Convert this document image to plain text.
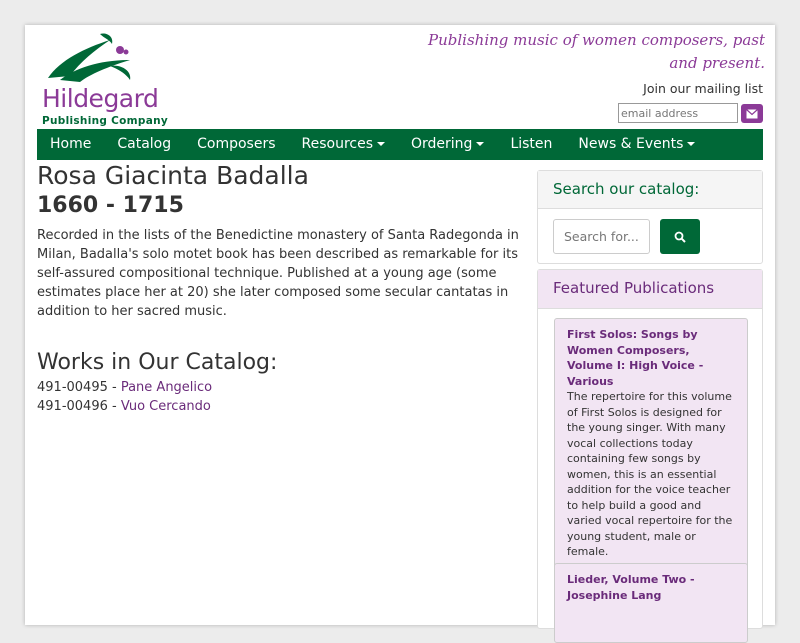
Hildegard
Publishing Company
Publishing music of women composers, past and present.
Join our mailing list
email address
Home	Catalog	Composers	Resources	Ordering	Listen	News & Events
Rosa Giacinta Badalla
1660 - 1715

Recorded in the lists of the Benedictine monastery of Santa Radegonda in Milan, Badalla's solo motet book has been described as remarkable for its self-assured compositional technique. Published at a young age (some estimates place her at 20) she later composed some secular cantatas in addition to her sacred music.

Works in Our Catalog:
491-00495 - Pane Angelico
491-00496 - Vuo Cercando
Search our catalog:
Search for...
Featured Publications
First Solos: Songs by Women Composers, Volume I: High Voice - Various
The repertoire for this volume of First Solos is designed for the young singer. With many vocal collections today containing few songs by women, this is an essential addition for the voice teacher to help build a good and varied vocal repertoire for the young student, male or female.
Lieder, Volume Two - Josephine Lang
